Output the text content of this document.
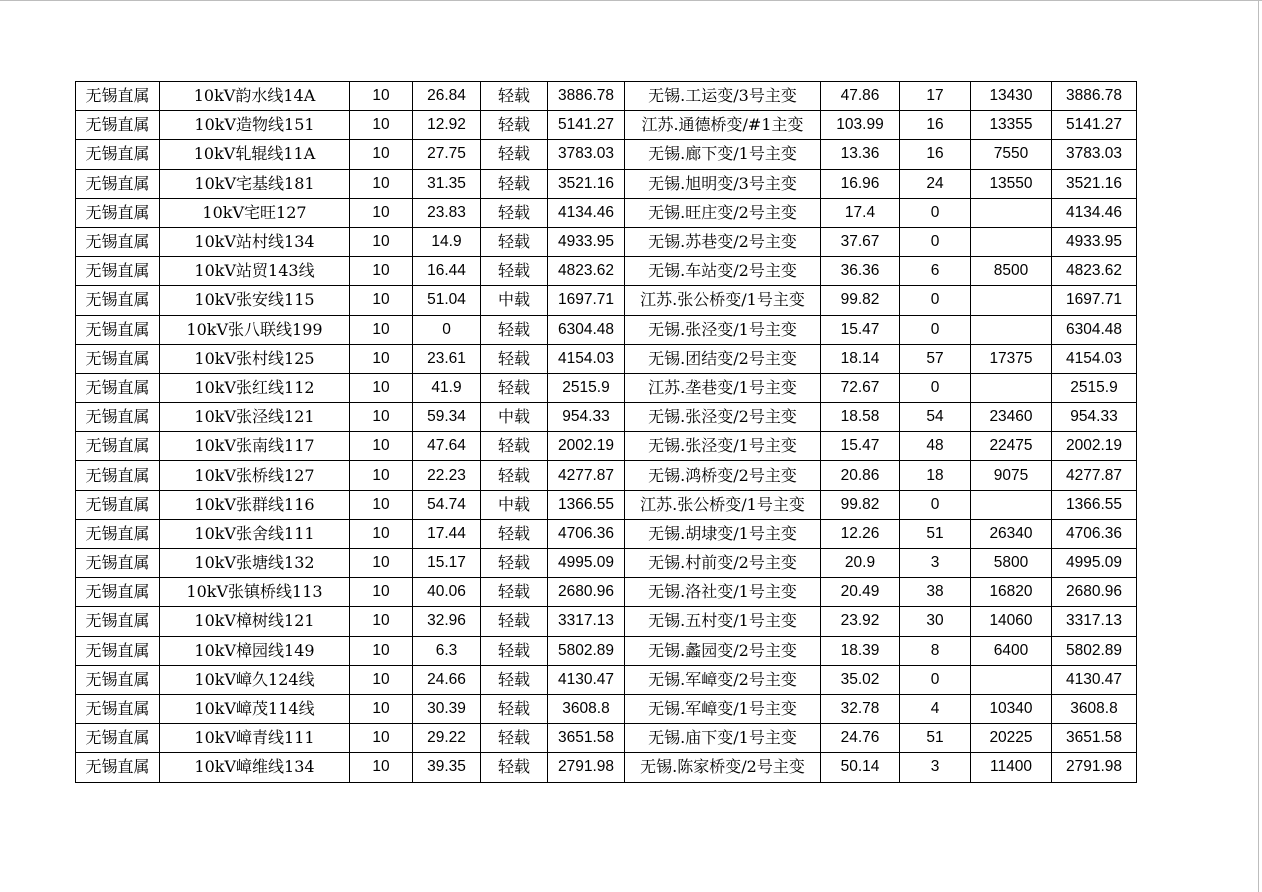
无锡直属	10kV韵水线14A	10	26.84	轻载	3886.78	无锡.工运变/3号主变	47.86	17	13430	3886.78
无锡直属	10kV造物线151	10	12.92	轻载	5141.27	江苏.通德桥变/#1主变	103.99	16	13355	5141.27
无锡直属	10kV轧辊线11A	10	27.75	轻载	3783.03	无锡.廊下变/1号主变	13.36	16	7550	3783.03
无锡直属	10kV宅基线181	10	31.35	轻载	3521.16	无锡.旭明变/3号主变	16.96	24	13550	3521.16
无锡直属	10kV宅旺127	10	23.83	轻载	4134.46	无锡.旺庄变/2号主变	17.4	0		4134.46
无锡直属	10kV站村线134	10	14.9	轻载	4933.95	无锡.苏巷变/2号主变	37.67	0		4933.95
无锡直属	10kV站贸143线	10	16.44	轻载	4823.62	无锡.车站变/2号主变	36.36	6	8500	4823.62
无锡直属	10kV张安线115	10	51.04	中载	1697.71	江苏.张公桥变/1号主变	99.82	0		1697.71
无锡直属	10kV张八联线199	10	0	轻载	6304.48	无锡.张泾变/1号主变	15.47	0		6304.48
无锡直属	10kV张村线125	10	23.61	轻载	4154.03	无锡.团结变/2号主变	18.14	57	17375	4154.03
无锡直属	10kV张红线112	10	41.9	轻载	2515.9	江苏.垄巷变/1号主变	72.67	0		2515.9
无锡直属	10kV张泾线121	10	59.34	中载	954.33	无锡.张泾变/2号主变	18.58	54	23460	954.33
无锡直属	10kV张南线117	10	47.64	轻载	2002.19	无锡.张泾变/1号主变	15.47	48	22475	2002.19
无锡直属	10kV张桥线127	10	22.23	轻载	4277.87	无锡.鸿桥变/2号主变	20.86	18	9075	4277.87
无锡直属	10kV张群线116	10	54.74	中载	1366.55	江苏.张公桥变/1号主变	99.82	0		1366.55
无锡直属	10kV张舍线111	10	17.44	轻载	4706.36	无锡.胡埭变/1号主变	12.26	51	26340	4706.36
无锡直属	10kV张塘线132	10	15.17	轻载	4995.09	无锡.村前变/2号主变	20.9	3	5800	4995.09
无锡直属	10kV张镇桥线113	10	40.06	轻载	2680.96	无锡.洛社变/1号主变	20.49	38	16820	2680.96
无锡直属	10kV樟树线121	10	32.96	轻载	3317.13	无锡.五村变/1号主变	23.92	30	14060	3317.13
无锡直属	10kV樟园线149	10	6.3	轻载	5802.89	无锡.蠡园变/2号主变	18.39	8	6400	5802.89
无锡直属	10kV嶂久124线	10	24.66	轻载	4130.47	无锡.军嶂变/2号主变	35.02	0		4130.47
无锡直属	10kV嶂茂114线	10	30.39	轻载	3608.8	无锡.军嶂变/1号主变	32.78	4	10340	3608.8
无锡直属	10kV嶂青线111	10	29.22	轻载	3651.58	无锡.庙下变/1号主变	24.76	51	20225	3651.58
无锡直属	10kV嶂维线134	10	39.35	轻载	2791.98	无锡.陈家桥变/2号主变	50.14	3	11400	2791.98
